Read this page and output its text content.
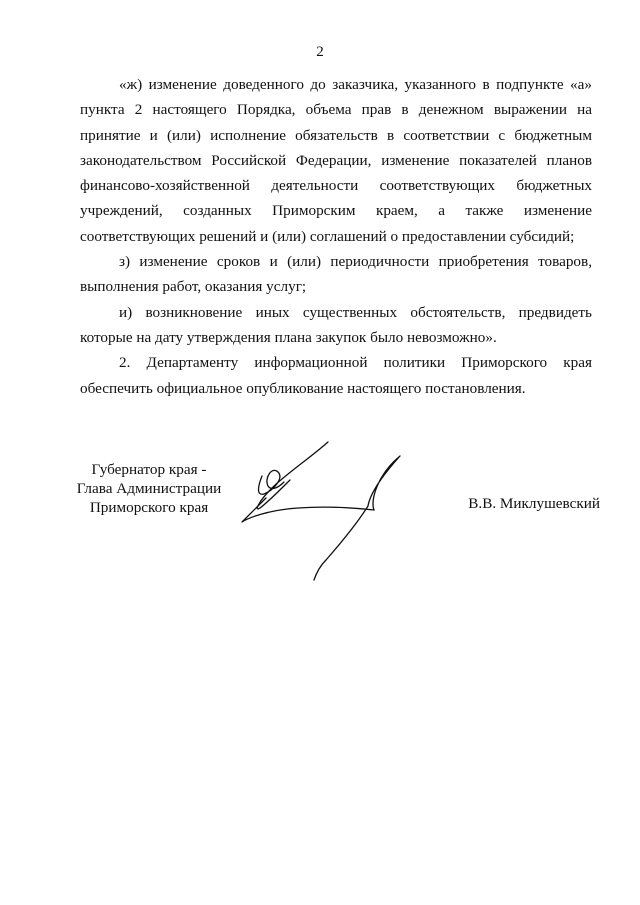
2

«ж) изменение доведенного до заказчика, указанного в подпункте «а» пункта 2 настоящего Порядка, объема прав в денежном выражении на принятие и (или) исполнение обязательств в соответствии с бюджетным законодательством Российской Федерации, изменение показателей планов финансово-хозяйственной деятельности соответствующих бюджетных учреждений, созданных Приморским краем, а также изменение соответствующих решений и (или) соглашений о предоставлении субсидий;

з) изменение сроков и (или) периодичности приобретения товаров, выполнения работ, оказания услуг;

и) возникновение иных существенных обстоятельств, предвидеть которые на дату утверждения плана закупок было невозможно».

2. Департаменту информационной политики Приморского края обеспечить официальное опубликование настоящего постановления.

Губернатор края -
Глава Администрации
Приморского края	В.В. Миклушевский
